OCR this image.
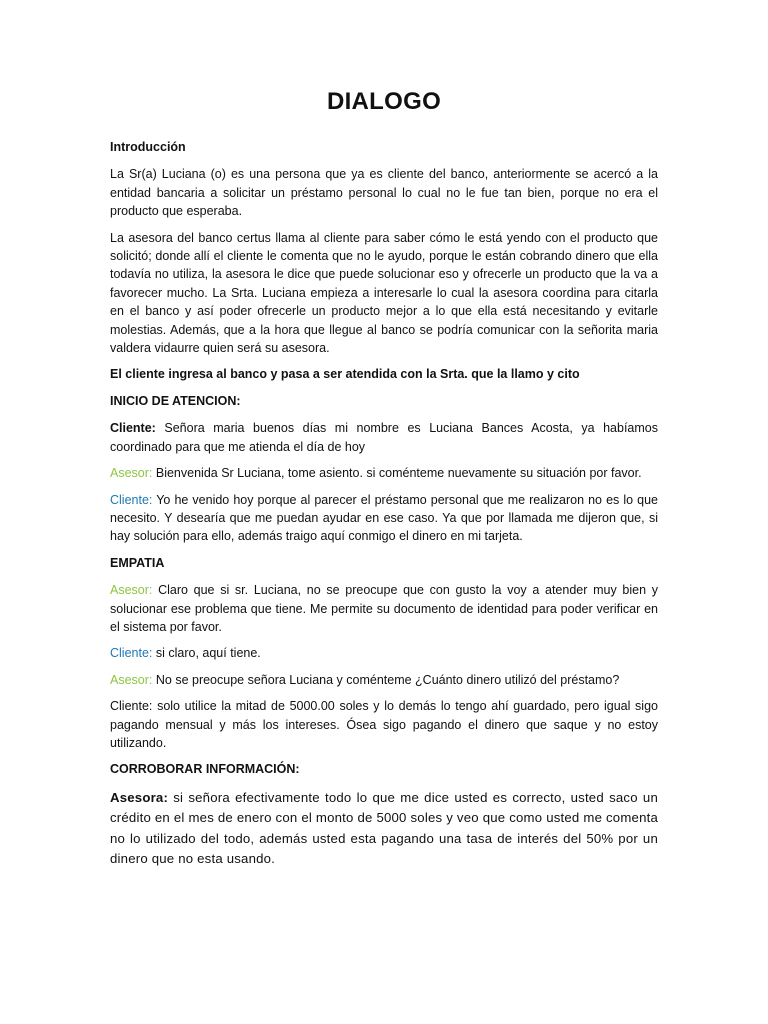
DIALOGO

Introducción

La Sr(a) Luciana (o) es una persona que ya es cliente del banco, anteriormente se acercó a la entidad bancaria a solicitar un préstamo personal lo cual no le fue tan bien, porque no era el producto que esperaba.

La asesora del banco certus llama al cliente para saber cómo le está yendo con el producto que solicitó; donde allí el cliente le comenta que no le ayudo, porque le están cobrando dinero que ella todavía no utiliza, la asesora le dice que puede solucionar eso y ofrecerle un producto que la va a favorecer mucho. La Srta. Luciana empieza a interesarle lo cual la asesora coordina para citarla en el banco y así poder ofrecerle un producto mejor a lo que ella está necesitando y evitarle molestias. Además, que a la hora que llegue al banco se podría comunicar con la señorita maria valdera vidaurre quien será su asesora.

El cliente ingresa al banco y pasa a ser atendida con la Srta. que la llamo y cito

INICIO DE ATENCION:

Cliente: Señora maria buenos días mi nombre es Luciana Bances Acosta, ya habíamos coordinado para que me atienda el día de hoy

Asesor: Bienvenida Sr Luciana, tome asiento. si coménteme nuevamente su situación por favor.

Cliente: Yo he venido hoy porque al parecer el préstamo personal que me realizaron no es lo que necesito. Y desearía que me puedan ayudar en ese caso. Ya que por llamada me dijeron que, si hay solución para ello, además traigo aquí conmigo el dinero en mi tarjeta.

EMPATIA

Asesor: Claro que si sr. Luciana, no se preocupe que con gusto la voy a atender muy bien y solucionar ese problema que tiene. Me permite su documento de identidad para poder verificar en el sistema por favor.

Cliente: si claro, aquí tiene.

Asesor: No se preocupe señora Luciana y coménteme ¿Cuánto dinero utilizó del préstamo?

Cliente: solo utilice la mitad de 5000.00 soles y lo demás lo tengo ahí guardado, pero igual sigo pagando mensual y más los intereses. Ósea sigo pagando el dinero que saque y no estoy utilizando.

CORROBORAR INFORMACIÓN:

Asesora: si señora efectivamente todo lo que me dice usted es correcto, usted saco un crédito en el mes de enero con el monto de 5000 soles y veo que como usted me comenta no lo utilizado del todo, además usted esta pagando una tasa de interés del 50% por un dinero que no esta usando.
